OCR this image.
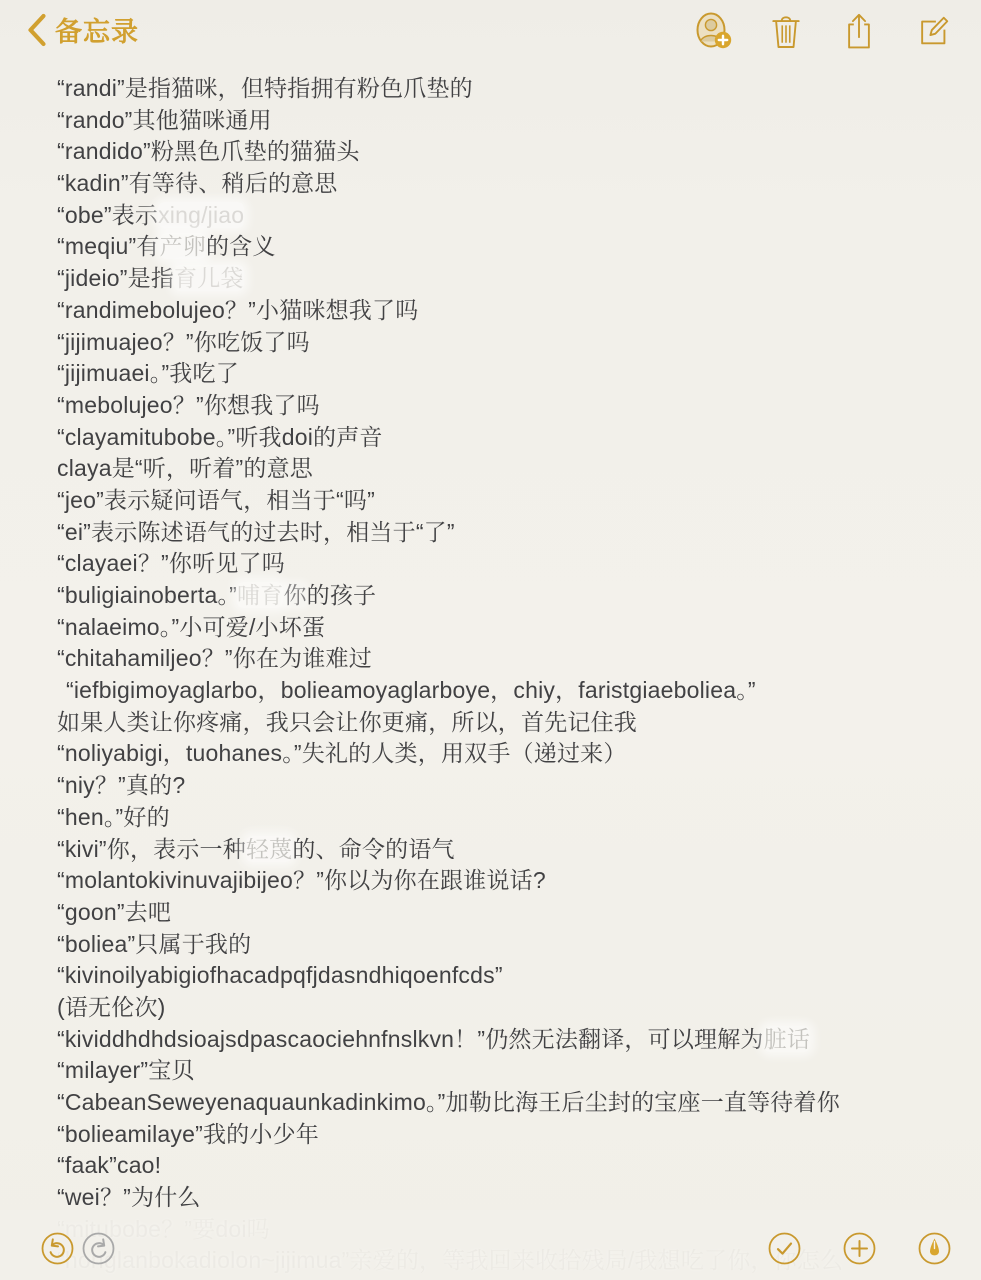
备忘录
“randi”是指猫咪，但特指拥有粉色爪垫的
“rando”其他猫咪通用
“randido”粉黑色爪垫的猫猫头
“kadin”有等待、稍后的意思
“obe”表示xing/jiao
“meqiu”有产卵的含义
“jideio”是指育儿袋
“randimebolujeo？”小猫咪想我了吗
“jijimuajeo？”你吃饭了吗
“jijimuaei。”我吃了
“mebolujeo？”你想我了吗
“clayamitubobe。”听我doi的声音
claya是“听，听着”的意思
“jeo”表示疑问语气，相当于“吗”
“ei”表示陈述语气的过去时，相当于“了”
“clayaei？”你听见了吗
“buligiainoberta。”哺育你的孩子
“nalaeimo。”小可爱/小坏蛋
“chitahamiljeo？”你在为谁难过
“iefbigimoyaglarbo，bolieamoyaglarboye，chiy，faristgiaeboliea。”
如果人类让你疼痛，我只会让你更痛，所以，首先记住我
“noliyabigi，tuohanes。”失礼的人类，用双手（递过来）
“niy？”真的?
“hen。”好的
“kivi”你，表示一种轻蔑的、命令的语气
“molantokivinuvajibijeo？”你以为你在跟谁说话?
“goon”去吧
“boliea”只属于我的
“kivinoilyabigiofhacadpqfjdasndhiqoenfcds”
(语无伦次)
“kividdhdhdsioajsdpascaociehnfnslkvn！”仍然无法翻译，可以理解为脏话
“milayer”宝贝
“CabeanSeweyenaquaunkadinkimo。”加勒比海王后尘封的宝座一直等待着你
“bolieamilaye”我的小少年
“faak”cao!
“wei？”为什么
